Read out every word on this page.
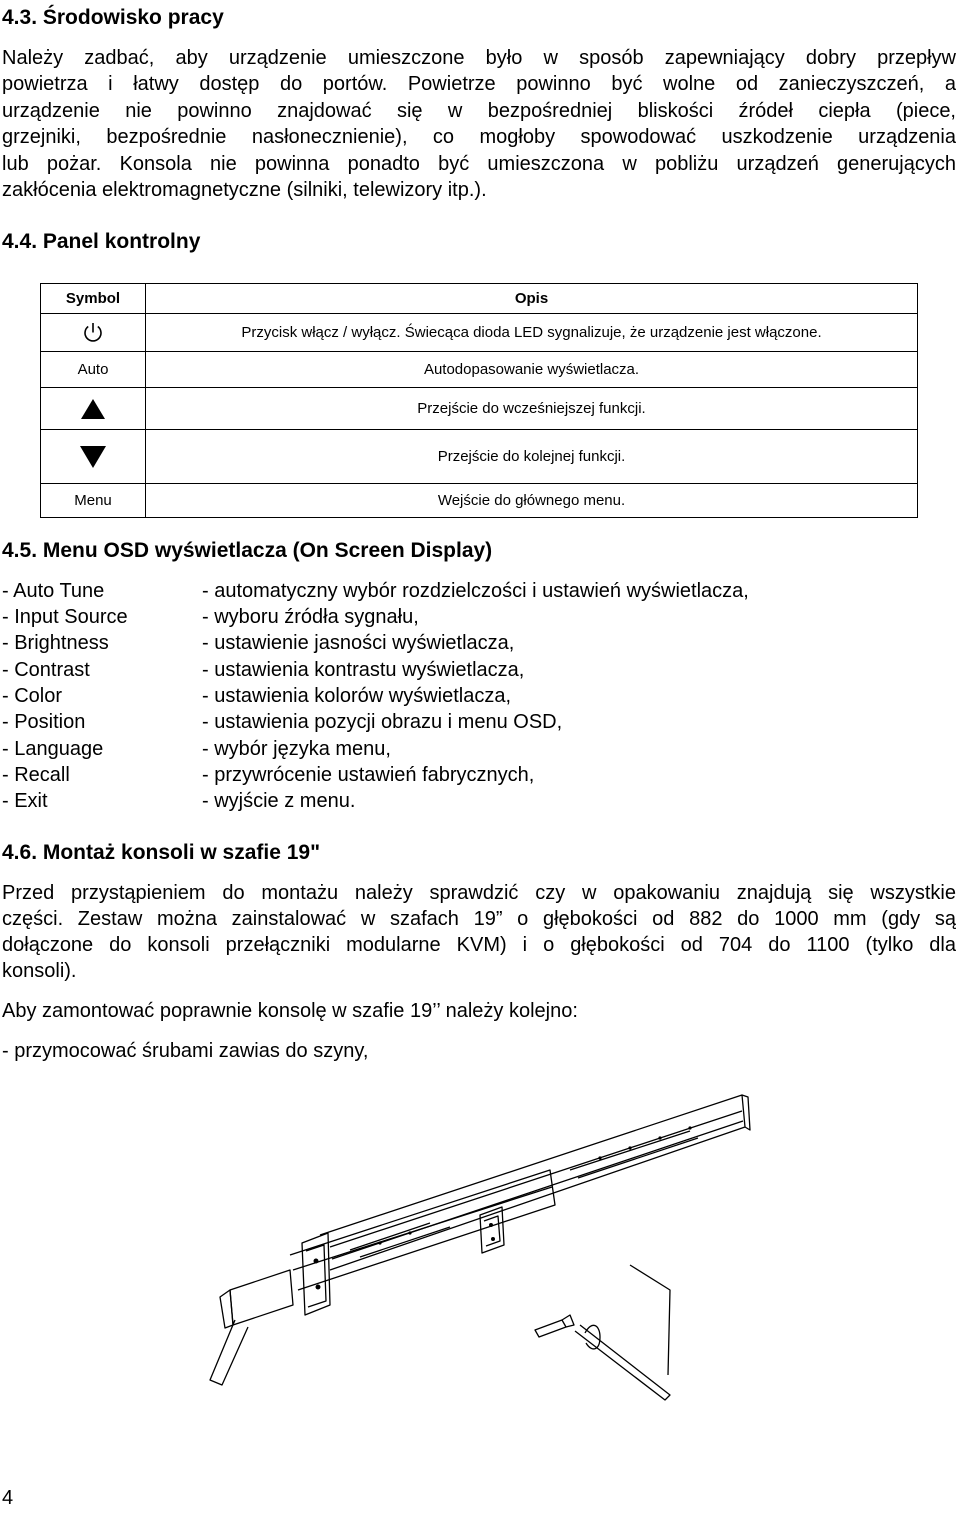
4.3. Środowisko pracy

Należy zadbać, aby urządzenie umieszczone było w sposób zapewniający dobry przepływ

powietrza i łatwy dostęp do portów. Powietrze powinno być wolne od zanieczyszczeń, a

urządzenie nie powinno znajdować się w bezpośredniej bliskości źródeł ciepła (piece,

grzejniki, bezpośrednie nasłonecznienie), co mogłoby spowodować uszkodzenie urządzenia

lub pożar. Konsola nie powinna ponadto być umieszczona w pobliżu urządzeń generujących

zakłócenia elektromagnetyczne (silniki, telewizory itp.).

4.4. Panel kontrolny
Symbol	Opis

	Przycisk włącz / wyłącz. Świecąca dioda LED sygnalizuje, że urządzenie jest włączone.
Auto	Autodopasowanie wyświetlacza.

	Przejście do wcześniejszej funkcji.

	Przejście do kolejnej funkcji.
Menu	Wejście do głównego menu.
4.5. Menu OSD wyświetlacza (On Screen Display)
- Auto Tune	- automatyczny wybór rozdzielczości i ustawień wyświetlacza,
- Input Source	- wyboru źródła sygnału,
- Brightness	- ustawienie jasności wyświetlacza,
- Contrast	- ustawienia kontrastu wyświetlacza,
- Color	- ustawienia kolorów wyświetlacza,
- Position	- ustawienia pozycji obrazu i menu OSD,
- Language	- wybór języka menu,
- Recall	- przywrócenie ustawień fabrycznych,
- Exit	- wyjście z menu.
4.6. Montaż konsoli w szafie 19"

Przed przystąpieniem do montażu należy sprawdzić czy w opakowaniu znajdują się wszystkie

części. Zestaw można zainstalować w szafach 19” o głębokości od 882 do 1000 mm (gdy są

dołączone do konsoli przełączniki modularne KVM) i o głębokości od 704 do 1100 (tylko dla

konsoli).

Aby zamontować poprawnie konsolę w szafie 19’’ należy kolejno:

- przymocować śrubami zawias do szyny,

4
